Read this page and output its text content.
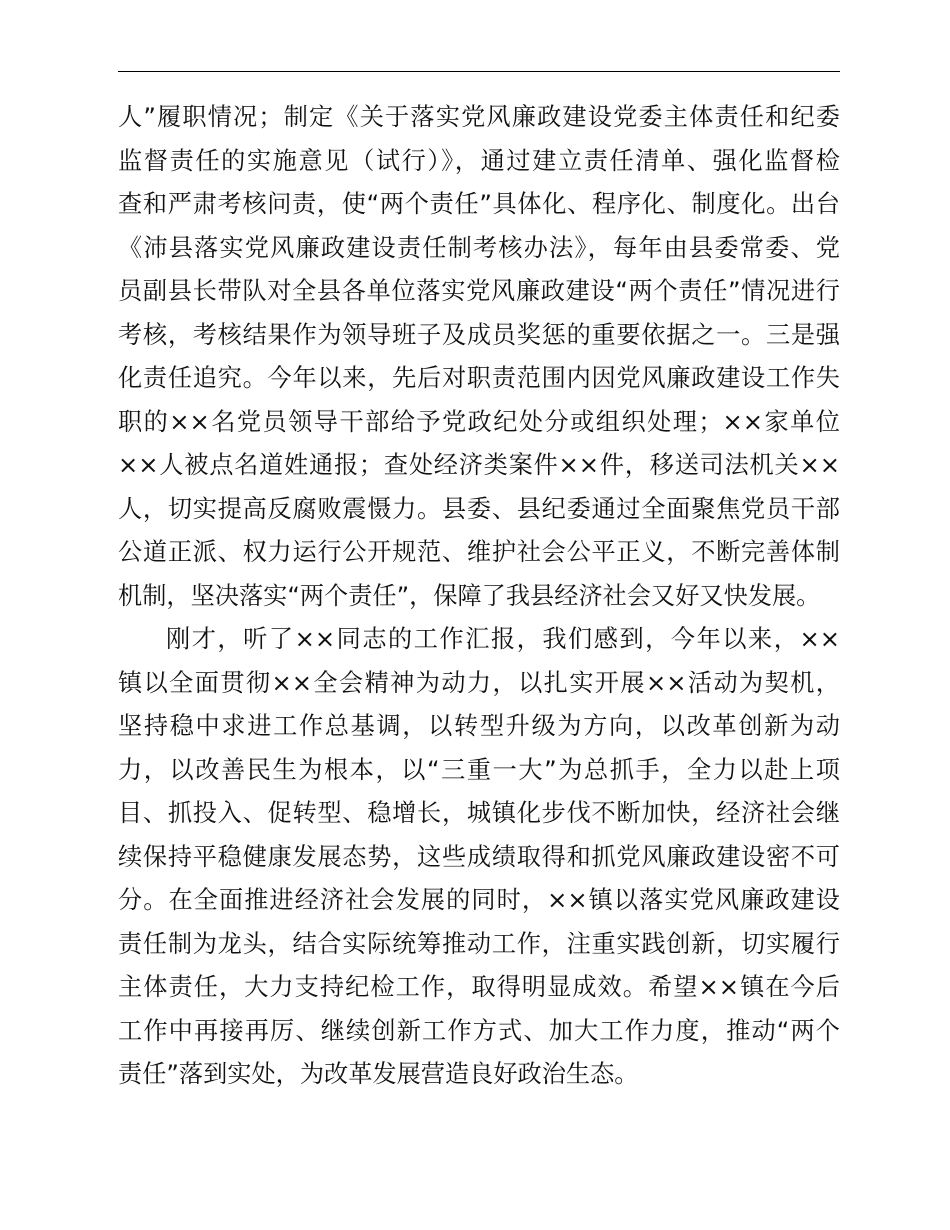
人”履职情况；制定《关于落实党风廉政建设党委主体责任和纪委
监督责任的实施意见（试行）》，通过建立责任清单、强化监督检
查和严肃考核问责，使“两个责任”具体化、程序化、制度化。出台
《沛县落实党风廉政建设责任制考核办法》，每年由县委常委、党
员副县长带队对全县各单位落实党风廉政建设“两个责任”情况进行
考核，考核结果作为领导班子及成员奖惩的重要依据之一。三是强
化责任追究。今年以来，先后对职责范围内因党风廉政建设工作失
职的××名党员领导干部给予党政纪处分或组织处理；××家单位
××人被点名道姓通报；查处经济类案件××件，移送司法机关××
人，切实提高反腐败震慑力。县委、县纪委通过全面聚焦党员干部
公道正派、权力运行公开规范、维护社会公平正义，不断完善体制
机制，坚决落实“两个责任”，保障了我县经济社会又好又快发展。
刚才，听了××同志的工作汇报，我们感到，今年以来，××
镇以全面贯彻××全会精神为动力，以扎实开展××活动为契机，
坚持稳中求进工作总基调，以转型升级为方向，以改革创新为动
力，以改善民生为根本，以“三重一大”为总抓手，全力以赴上项
目、抓投入、促转型、稳增长，城镇化步伐不断加快，经济社会继
续保持平稳健康发展态势，这些成绩取得和抓党风廉政建设密不可
分。在全面推进经济社会发展的同时，××镇以落实党风廉政建设
责任制为龙头，结合实际统筹推动工作，注重实践创新，切实履行
主体责任，大力支持纪检工作，取得明显成效。希望××镇在今后
工作中再接再厉、继续创新工作方式、加大工作力度，推动“两个
责任”落到实处，为改革发展营造良好政治生态。
